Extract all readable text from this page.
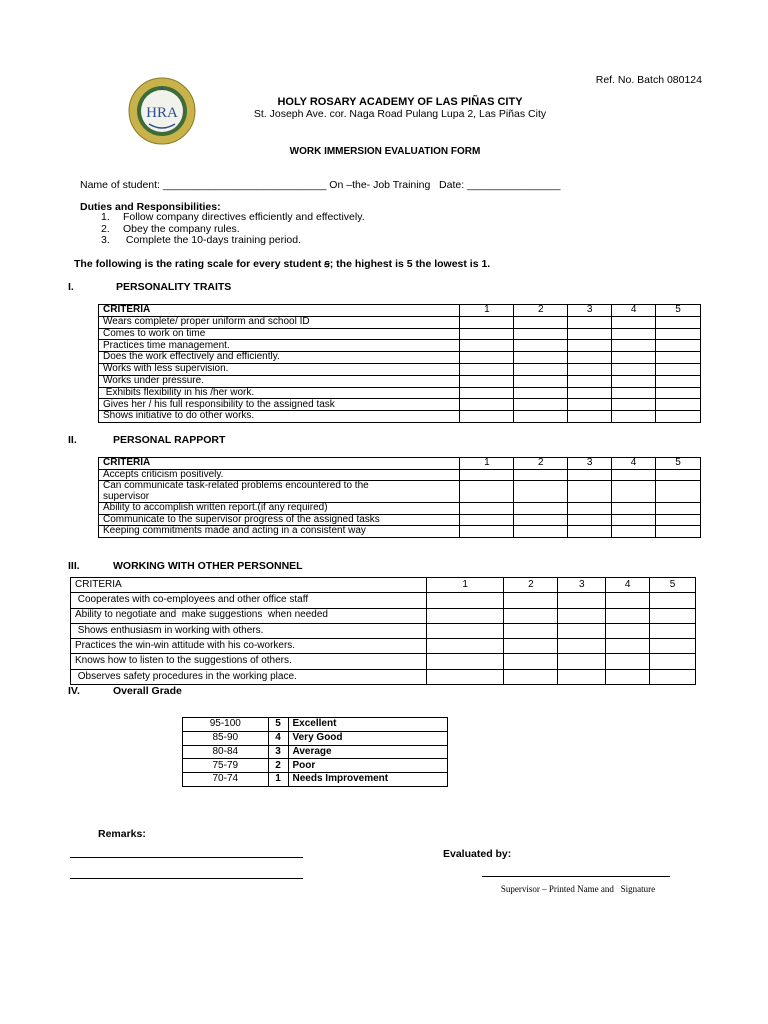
Ref. No. Batch 080124
HRA
HOLY ROSARY ACADEMY OF LAS PIÑAS CITY
St. Joseph Ave. cor. Naga Road Pulang Lupa 2, Las Piñas City
WORK IMMERSION EVALUATION FORM
Name of student: ____________________________ On –the- Job Training   Date: ________________
Duties and Responsibilities:
1. Follow company directives efficiently and effectively.
2. Obey the company rules.
3. Complete the 10-days training period.
The following is the rating scale for every student ꞩ; the highest is 5 the lowest is 1.
I.	PERSONALITY TRAITS
CRITERIA	1	2	3	4	5
Wears complete/ proper uniform and school ID					
Comes to work on time					
Practices time management.					
Does the work effectively and efficiently.					
Works with less supervision.					
Works under pressure.					
Exhibits flexibility in his /her work.					
Gives her / his full responsibility to the assigned task					
Shows initiative to do other works.					
II.	PERSONAL RAPPORT
CRITERIA	1	2	3	4	5
Accepts criticism positively.					
Can communicate task-related problems encountered to the supervisor					
Ability to accomplish written report.(if any required)					
Communicate to the supervisor progress of the assigned tasks					
Keeping commitments made and acting in a consistent way					
III.	WORKING WITH OTHER PERSONNEL
CRITERIA	1	2	3	4	5
Cooperates with co-employees and other office staff					
Ability to negotiate and  make suggestions  when needed					
Shows enthusiasm in working with others.					
Practices the win-win attitude with his co-workers.					
Knows how to listen to the suggestions of others.					
Observes safety procedures in the working place.					
IV.	Overall Grade
95-100	5	Excellent
85-90	4	Very Good
80-84	3	Average
75-79	2	Poor
70-74	1	Needs Improvement
Remarks:
Evaluated by:
Supervisor – Printed Name and   Signature
